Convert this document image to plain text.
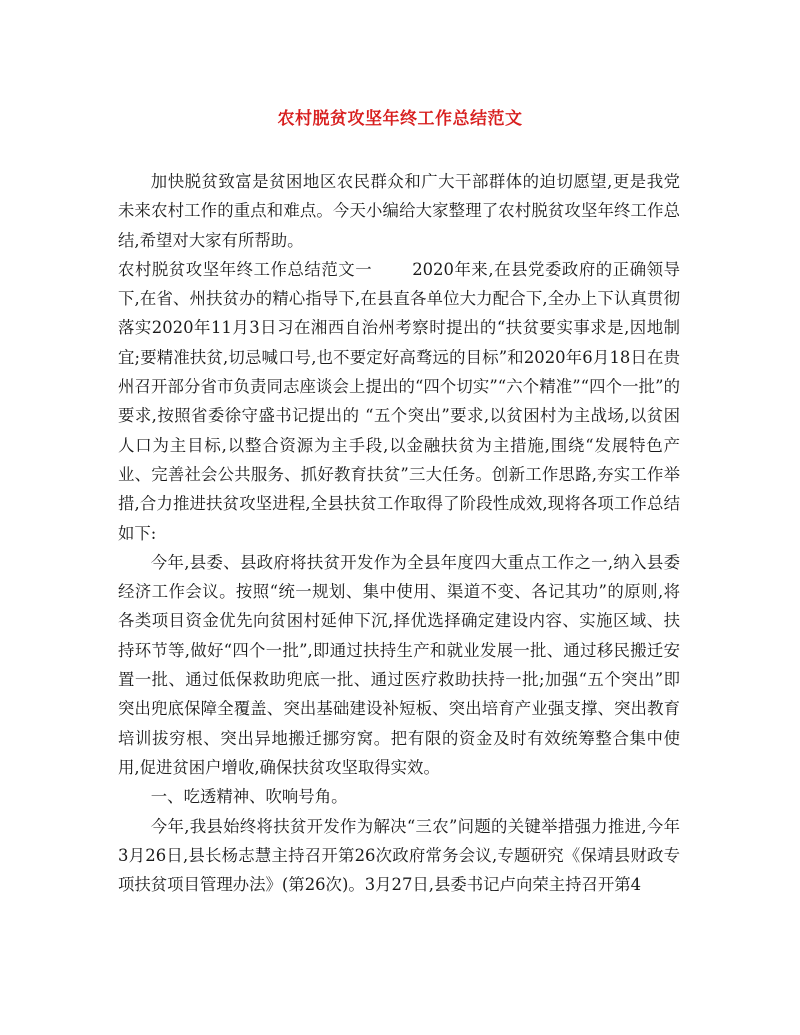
农村脱贫攻坚年终工作总结范文

加快脱贫致富是贫困地区农民群众和广大干部群体的迫切愿望,更是我党未来农村工作的重点和难点。今天小编给大家整理了农村脱贫攻坚年终工作总结,希望对大家有所帮助。

农村脱贫攻坚年终工作总结范文一 2020年来,在县党委政府的正确领导下,在省、州扶贫办的精心指导下,在县直各单位大力配合下,全办上下认真贯彻落实2020年11月3日习在湘西自治州考察时提出的“扶贫要实事求是,因地制宜;要精准扶贫,切忌喊口号,也不要定好高骛远的目标”和2020年6月18日在贵州召开部分省市负责同志座谈会上提出的“四个切实”“六个精准”“四个一批”的要求,按照省委徐守盛书记提出的 “五个突出”要求,以贫困村为主战场,以贫困人口为主目标,以整合资源为主手段,以金融扶贫为主措施,围绕“发展特色产业、完善社会公共服务、抓好教育扶贫”三大任务。创新工作思路,夯实工作举措,合力推进扶贫攻坚进程,全县扶贫工作取得了阶段性成效,现将各项工作总结如下:

今年,县委、县政府将扶贫开发作为全县年度四大重点工作之一,纳入县委经济工作会议。按照“统一规划、集中使用、渠道不变、各记其功”的原则,将各类项目资金优先向贫困村延伸下沉,择优选择确定建设内容、实施区域、扶持环节等,做好“四个一批”,即通过扶持生产和就业发展一批、通过移民搬迁安置一批、通过低保救助兜底一批、通过医疗救助扶持一批;加强“五个突出”即突出兜底保障全覆盖、突出基础建设补短板、突出培育产业强支撑、突出教育培训拔穷根、突出异地搬迁挪穷窝。把有限的资金及时有效统筹整合集中使用,促进贫困户增收,确保扶贫攻坚取得实效。

一、吃透精神、吹响号角。

今年,我县始终将扶贫开发作为解决“三农”问题的关键举措强力推进,今年3月26日,县长杨志慧主持召开第26次政府常务会议,专题研究《保靖县财政专项扶贫项目管理办法》(第26次)。3月27日,县委书记卢向荣主持召开第4
